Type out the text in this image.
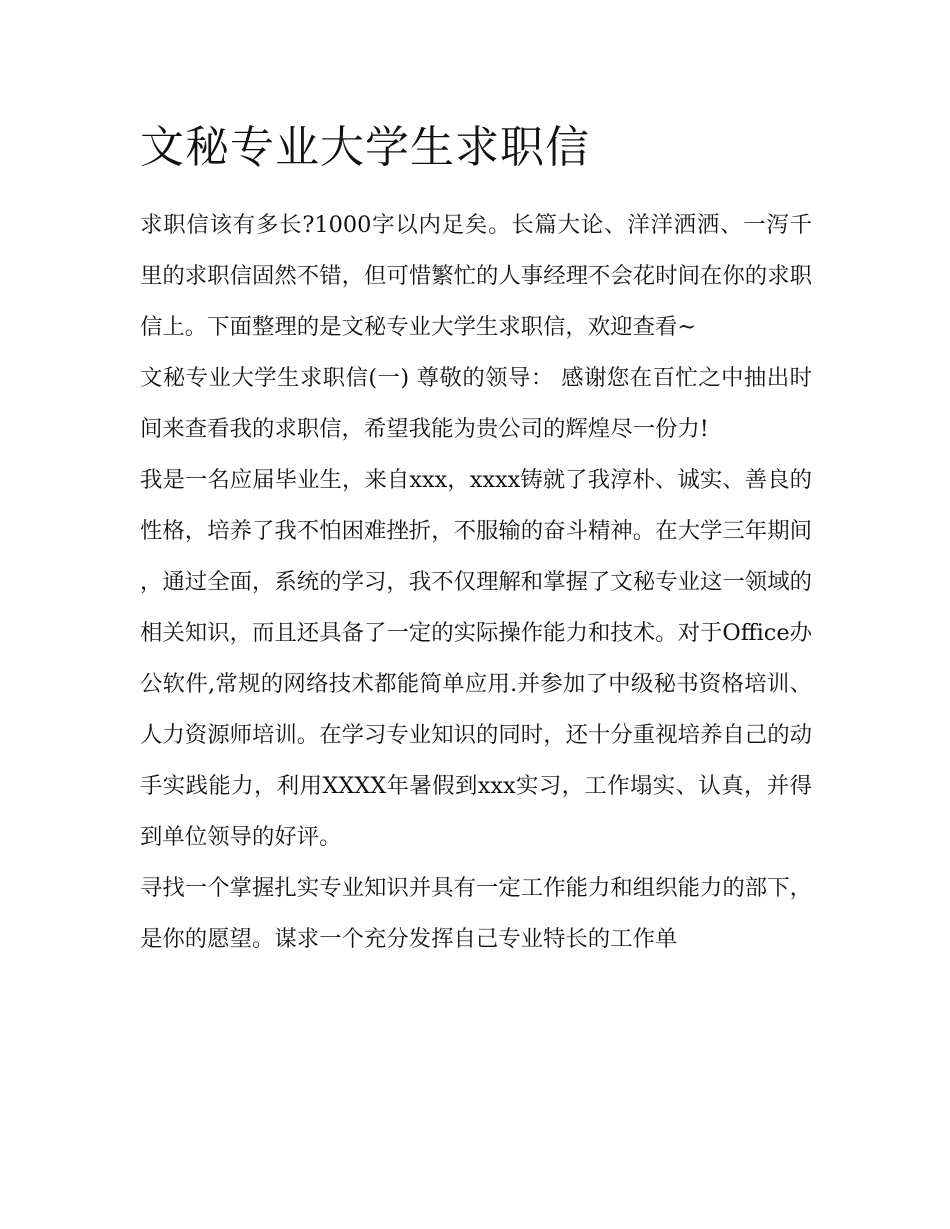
文秘专业大学生求职信

求职信该有多长?1000字以内足矣。长篇大论、洋洋洒洒、一泻千里的求职信固然不错，但可惜繁忙的人事经理不会花时间在你的求职信上。下面整理的是文秘专业大学生求职信，欢迎查看~

文秘专业大学生求职信(一) 尊敬的领导： 感谢您在百忙之中抽出时间来查看我的求职信，希望我能为贵公司的辉煌尽一份力!

我是一名应届毕业生，来自xxx，xxxx铸就了我淳朴、诚实、善良的性格，培养了我不怕困难挫折，不服输的奋斗精神。在大学三年期间，通过全面，系统的学习，我不仅理解和掌握了文秘专业这一领域的相关知识，而且还具备了一定的实际操作能力和技术。对于Office办公软件,常规的网络技术都能简单应用.并参加了中级秘书资格培训、人力资源师培训。在学习专业知识的同时，还十分重视培养自己的动手实践能力，利用XXXX年暑假到xxx实习，工作塌实、认真，并得到单位领导的好评。

寻找一个掌握扎实专业知识并具有一定工作能力和组织能力的部下，是你的愿望。谋求一个充分发挥自己专业特长的工作单
